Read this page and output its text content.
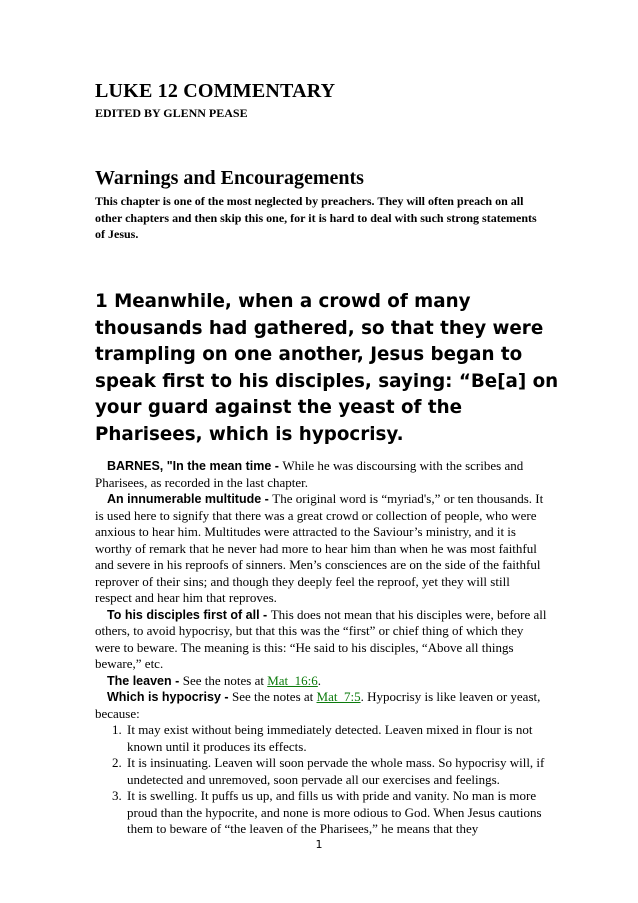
LUKE 12 COMMENTARY
EDITED BY GLENN PEASE
Warnings and Encouragements

This chapter is one of the most neglected by preachers. They will often preach on all other chapters and then skip this one, for it is hard to deal with such strong statements of Jesus.

1 Meanwhile, when a crowd of many thousands had gathered, so that they were trampling on one another, Jesus began to speak first to his disciples, saying: “Be[a] on your guard against the yeast of the Pharisees, which is hypocrisy.

BARNES, "In the mean time - While he was discoursing with the scribes and Pharisees, as recorded in the last chapter.

An innumerable multitude - The original word is “myriad's,” or ten thousands. It is used here to signify that there was a great crowd or collection of people, who were anxious to hear him. Multitudes were attracted to the Saviour’s ministry, and it is worthy of remark that he never had more to hear him than when he was most faithful and severe in his reproofs of sinners. Men’s consciences are on the side of the faithful reprover of their sins; and though they deeply feel the reproof, yet they will still respect and hear him that reproves.

To his disciples first of all - This does not mean that his disciples were, before all others, to avoid hypocrisy, but that this was the “first” or chief thing of which they were to beware. The meaning is this: “He said to his disciples, “Above all things beware,” etc.

The leaven - See the notes at Mat_16:6.

Which is hypocrisy - See the notes at Mat_7:5. Hypocrisy is like leaven or yeast, because:

1. It may exist without being immediately detected. Leaven mixed in flour is not known until it produces its effects.
2. It is insinuating. Leaven will soon pervade the whole mass. So hypocrisy will, if undetected and unremoved, soon pervade all our exercises and feelings.
3. It is swelling. It puffs us up, and fills us with pride and vanity. No man is more proud than the hypocrite, and none is more odious to God. When Jesus cautions them to beware of “the leaven of the Pharisees,” he means that they
1
